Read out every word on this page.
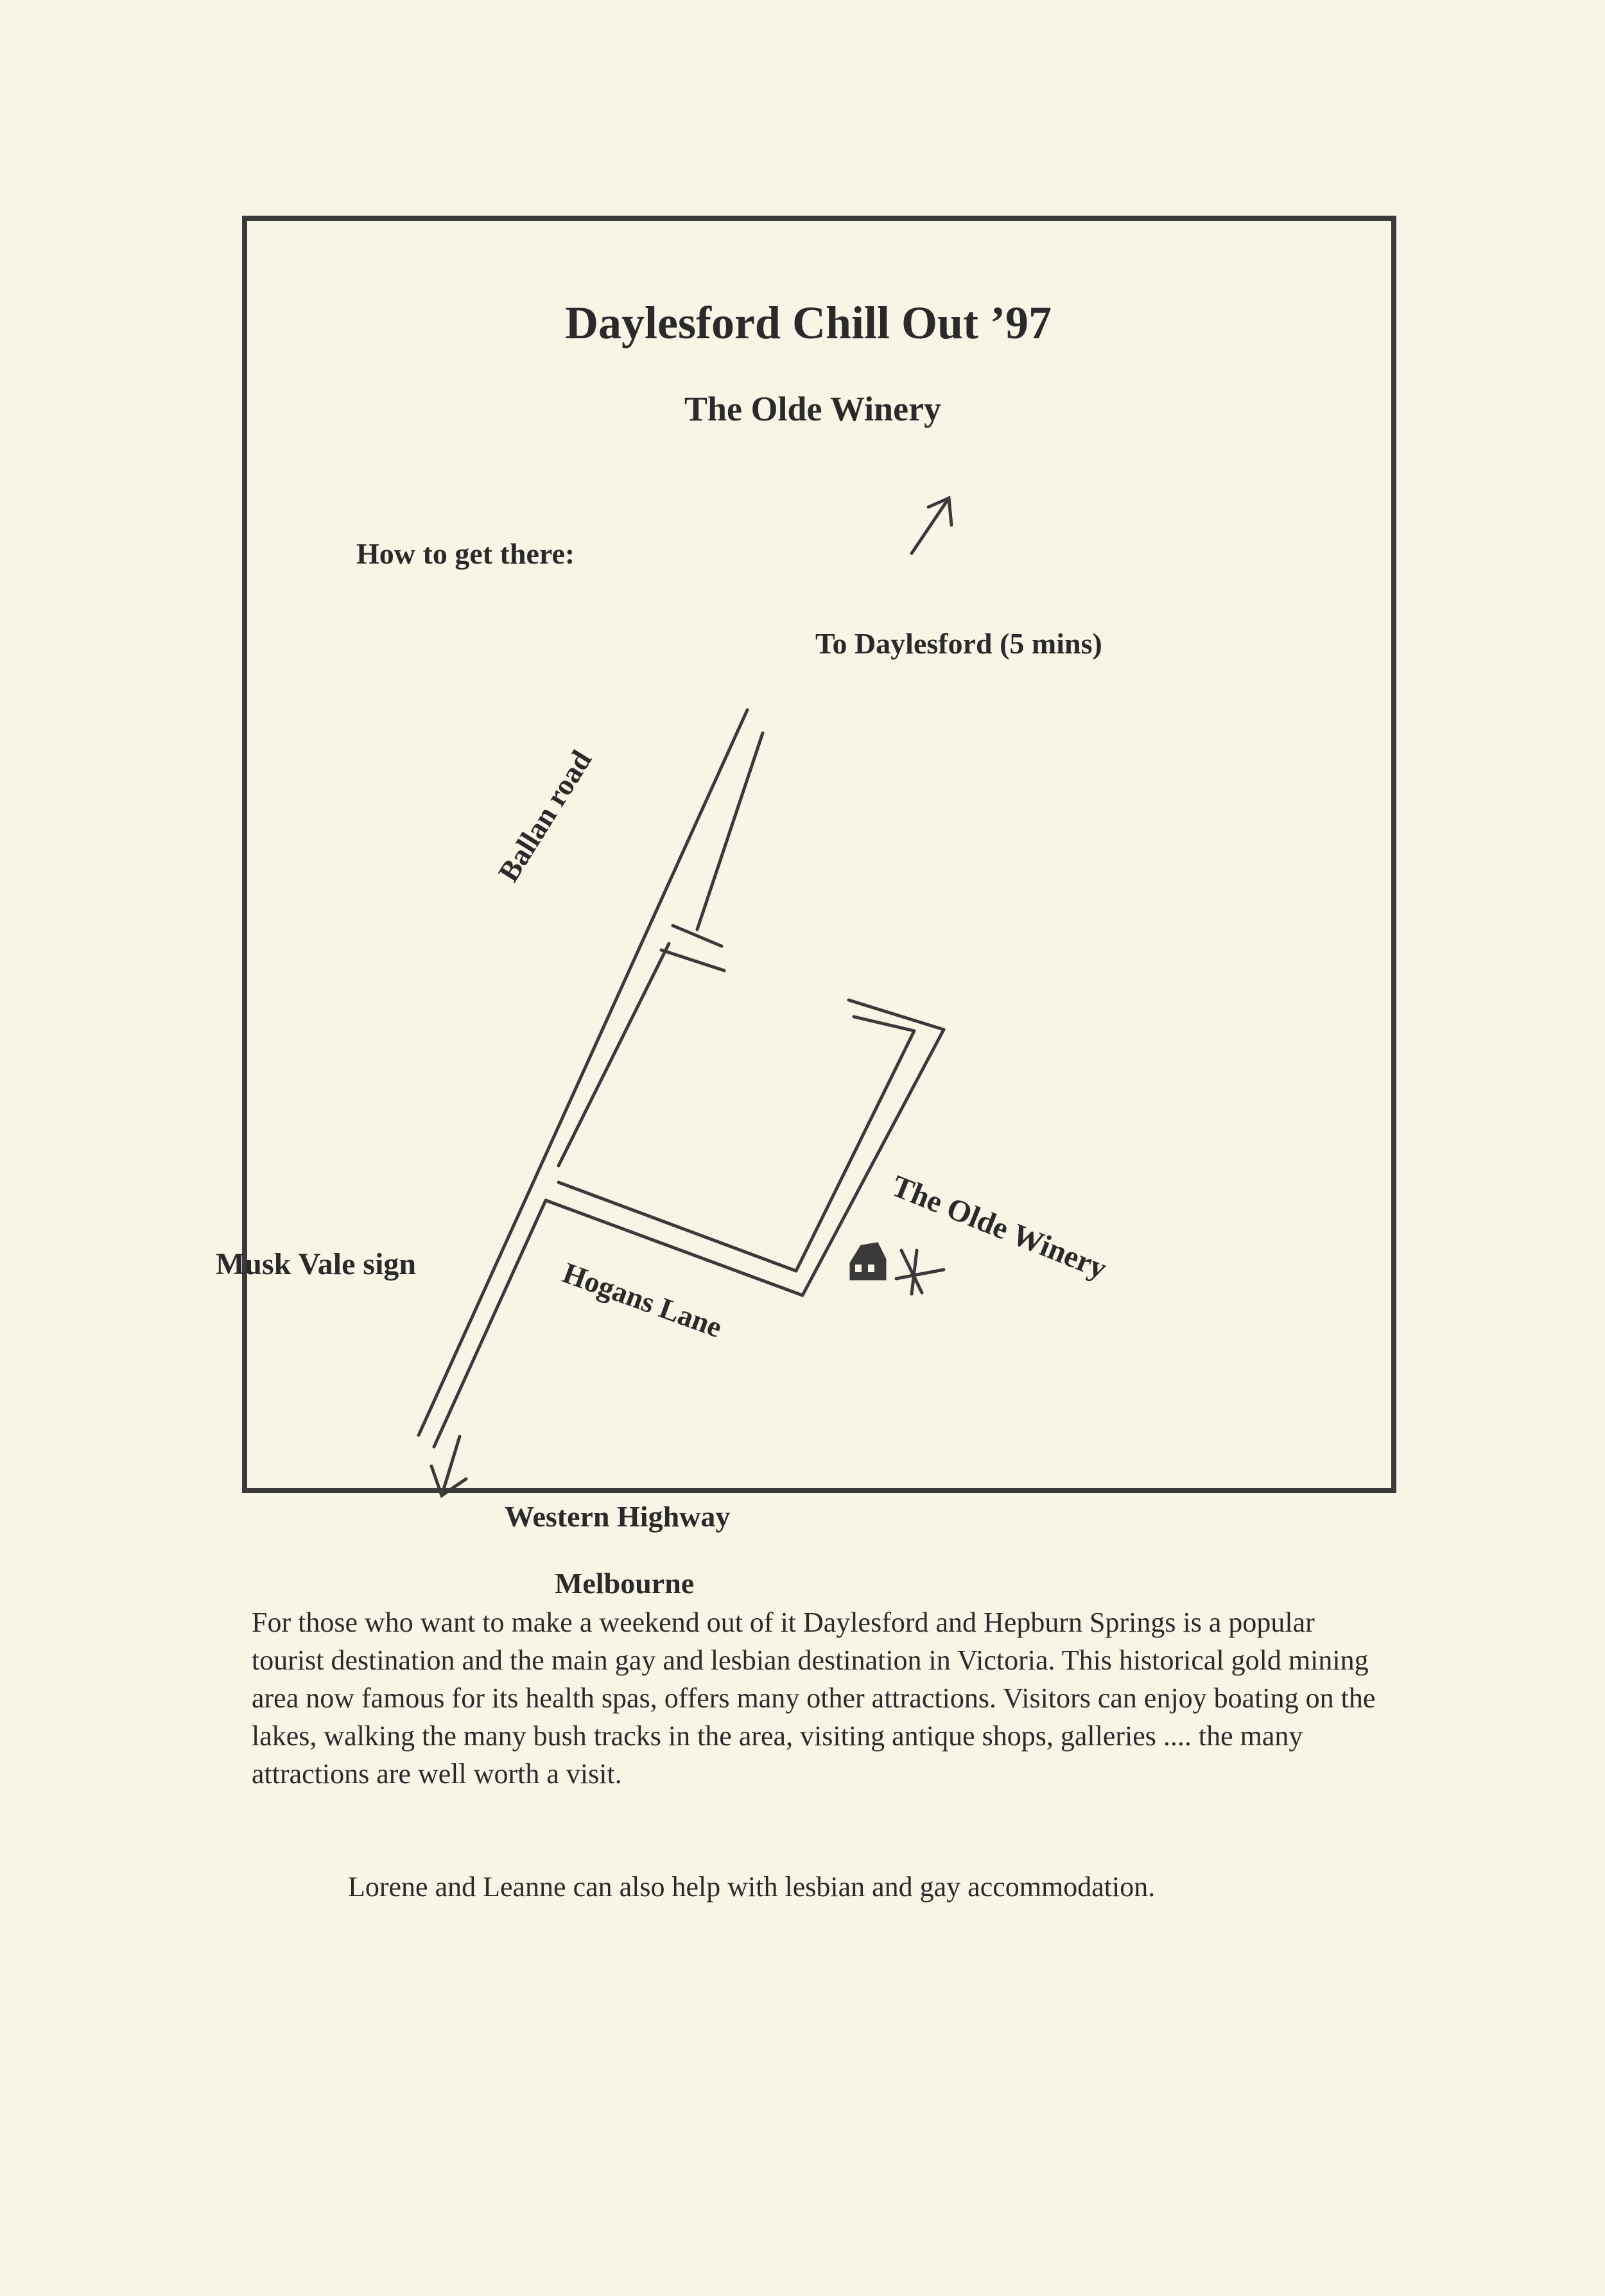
Daylesford Chill Out ’97
The Olde Winery
How to get there:
To Daylesford (5 mins)
Ballan road
Musk Vale sign	Hogans Lane
The Olde Winery
Western Highway
Melbourne

For those who want to make a weekend out of it Daylesford and Hepburn Springs is a popular tourist destination and the main gay and lesbian destination in Victoria. This historical gold mining area now famous for its health spas, offers many other attractions. Visitors can enjoy boating on the lakes, walking the many bush tracks in the area, visiting antique shops, galleries .... the many attractions are well worth a visit.

Lorene and Leanne can also help with lesbian and gay accommodation.
